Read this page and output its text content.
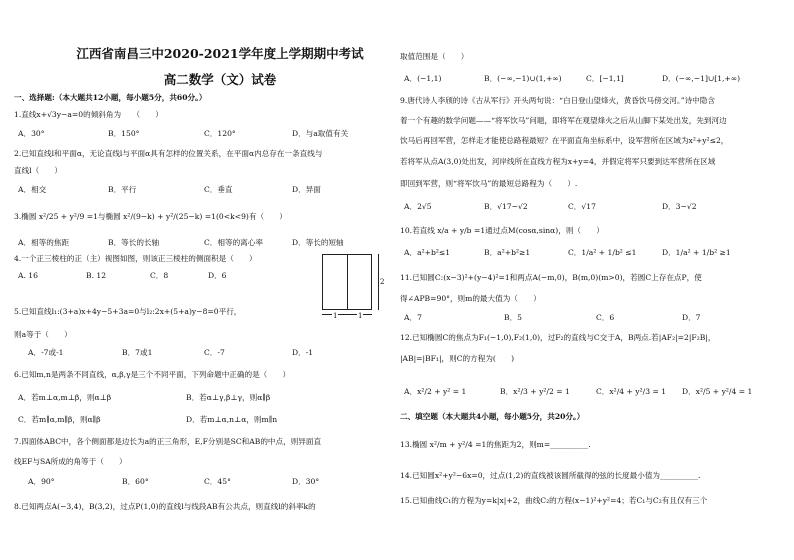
江西省南昌三中2020-2021学年度上学期期中考试
高二数学（文）试卷
一、选择题:（本大题共12小题，每小题5分，共60分。）
1.直线x+√3y−a=0的倾斜角为　　（　　）
A．30°	B．150°	C．120°	D．与a取值有关
2.已知直线l和平面α，无论直线l与平面α具有怎样的位置关系，在平面α内总存在一条直线与
直线l（　　）
A．相交	B．平行	C．垂直	D．异面
3.椭圆 x²/25 + y²/9 =1与椭圆 x²/(9−k) + y²/(25−k) =1(0<k<9)有（　　）
A．相等的焦距	B．等长的长轴	C．相等的离心率	D．等长的短轴
4.一个正三棱柱的正（主）视图如图，则该正三棱柱的侧面积是（　　）
A. 16	B. 12	C．8	D．6
5.已知直线l₁:(3+a)x+4y−5+3a=0与l₂:2x+(5+a)y−8=0平行，
则a等于（　　）
A．-7或-1	B．7或1	C．-7	D．-1
6.已知m,n是两条不同直线，α,β,γ是三个不同平面，下列命题中正确的是（　　）
A．若m⊥α,m⊥β，则α⊥β	B．若α⊥γ,β⊥γ，则α∥β
C．若m∥α,m∥β，则α∥β	D．若m⊥α,n⊥α，则m∥n
7.四面体ABC中，各个侧面都是边长为a的正三角形，E,F分别是SC和AB的中点，则异面直
线EF与SA所成的角等于（　　）
A．90°	B．60°	C．45°	D．30°
8.已知两点A(−3,4)，B(3,2)，过点P(1,0)的直线l与线段AB有公共点，则直线l的斜率k的
2
1	1
取值范围是（　　）
A．(−1,1)	B．(−∞,−1)∪(1,+∞)	C．[−1,1]	D．(−∞,−1]∪[1,+∞)
9.唐代诗人李颀的诗《古从军行》开头两句说：“白日登山望烽火，黄昏饮马傍交河。”诗中隐含
着一个有趣的数学问题——“将军饮马”问题，即将军在观望烽火之后从山脚下某处出发，先到河边
饮马后再回军营，怎样走才能使总路程最短？在平面直角坐标系中，设军营所在区域为x²+y²≤2，
若将军从点A(3,0)处出发，河岸线所在直线方程为x+y=4，并假定将军只要到达军营所在区域
即回到军营，则“将军饮马”的最短总路程为（　　）.
A．2√5	B．√17−√2	C．√17	D．3−√2
10.若直线 x/a + y/b =1通过点M(cosα,sinα)，则（　　）
A．a²+b²≤1	B．a²+b²≥1	C．1/a² + 1/b² ≤1	D．1/a² + 1/b² ≥1
11.已知圆C:(x−3)²+(y−4)²=1和两点A(−m,0)，B(m,0)(m>0)，若圆C上存在点P，使
得∠APB=90°，则m的最大值为（　　）
A．7	B．5	C．6	D．7
12.已知椭圆C的焦点为F₁(−1,0),F₂(1,0)，过F₂的直线与C交于A，B两点.若|AF₂|=2|F₂B|，
|AB|=|BF₁|，则C的方程为(　　)
A．x²/2 + y² = 1	B．x²/3 + y²/2 = 1	C．x²/4 + y²/3 = 1 D．x²/5 + y²/4 = 1
二、填空题（本大题共4小题，每小题5分，共20分。）
13.椭圆 x²/m + y²/4 =1的焦距为2，则m=__________.
14.已知圆x²+y²−6x=0，过点(1,2)的直线被该圆所截得的弦的长度最小值为__________.
15.已知曲线C₁的方程为y=k|x|+2，曲线C₂的方程(x−1)²+y²=4；若C₁与C₂有且仅有三个
